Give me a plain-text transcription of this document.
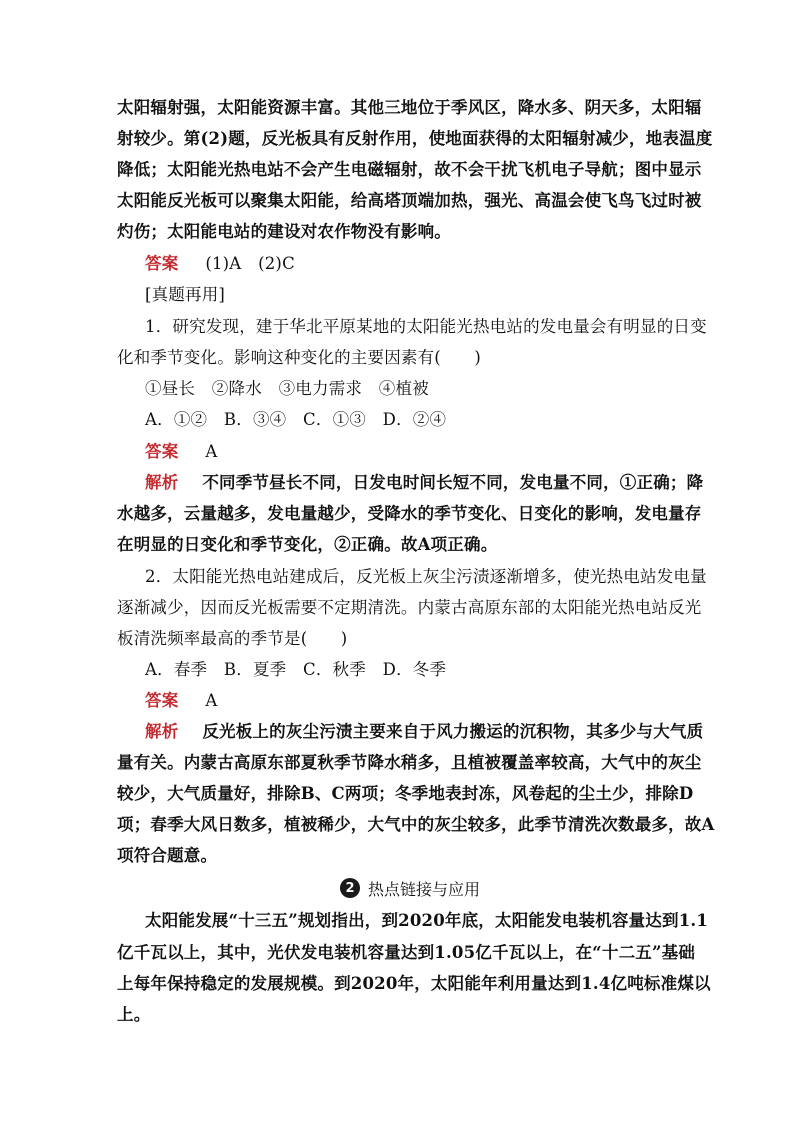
太阳辐射强，太阳能资源丰富。其他三地位于季风区，降水多、阴天多，太阳辐
射较少。第(2)题，反光板具有反射作用，使地面获得的太阳辐射减少，地表温度
降低；太阳能光热电站不会产生电磁辐射，故不会干扰飞机电子导航；图中显示
太阳能反光板可以聚集太阳能，给高塔顶端加热，强光、高温会使飞鸟飞过时被
灼伤；太阳能电站的建设对农作物没有影响。
答案 (1)A　(2)C
[真题再用]
1．研究发现，建于华北平原某地的太阳能光热电站的发电量会有明显的日变
化和季节变化。影响这种变化的主要因素有(　　)
①昼长　②降水　③电力需求　④植被
A．①②　B．③④　C．①③　D．②④
答案 A
解析 不同季节昼长不同，日发电时间长短不同，发电量不同，①正确；降
水越多，云量越多，发电量越少，受降水的季节变化、日变化的影响，发电量存
在明显的日变化和季节变化，②正确。故A项正确。
2．太阳能光热电站建成后，反光板上灰尘污渍逐渐增多，使光热电站发电量
逐渐减少，因而反光板需要不定期清洗。内蒙古高原东部的太阳能光热电站反光
板清洗频率最高的季节是(　　)
A．春季　B．夏季　C．秋季　D．冬季
答案 A
解析 反光板上的灰尘污渍主要来自于风力搬运的沉积物，其多少与大气质
量有关。内蒙古高原东部夏秋季节降水稍多，且植被覆盖率较高，大气中的灰尘
较少，大气质量好，排除B、C两项；冬季地表封冻，风卷起的尘土少，排除D
项；春季大风日数多，植被稀少，大气中的灰尘较多，此季节清洗次数最多，故A
项符合题意。
2 热点链接与应用
太阳能发展“十三五”规划指出，到2020年底，太阳能发电装机容量达到1.1
亿千瓦以上，其中，光伏发电装机容量达到1.05亿千瓦以上，在“十二五”基础
上每年保持稳定的发展规模。到2020年，太阳能年利用量达到1.4亿吨标准煤以
上。
